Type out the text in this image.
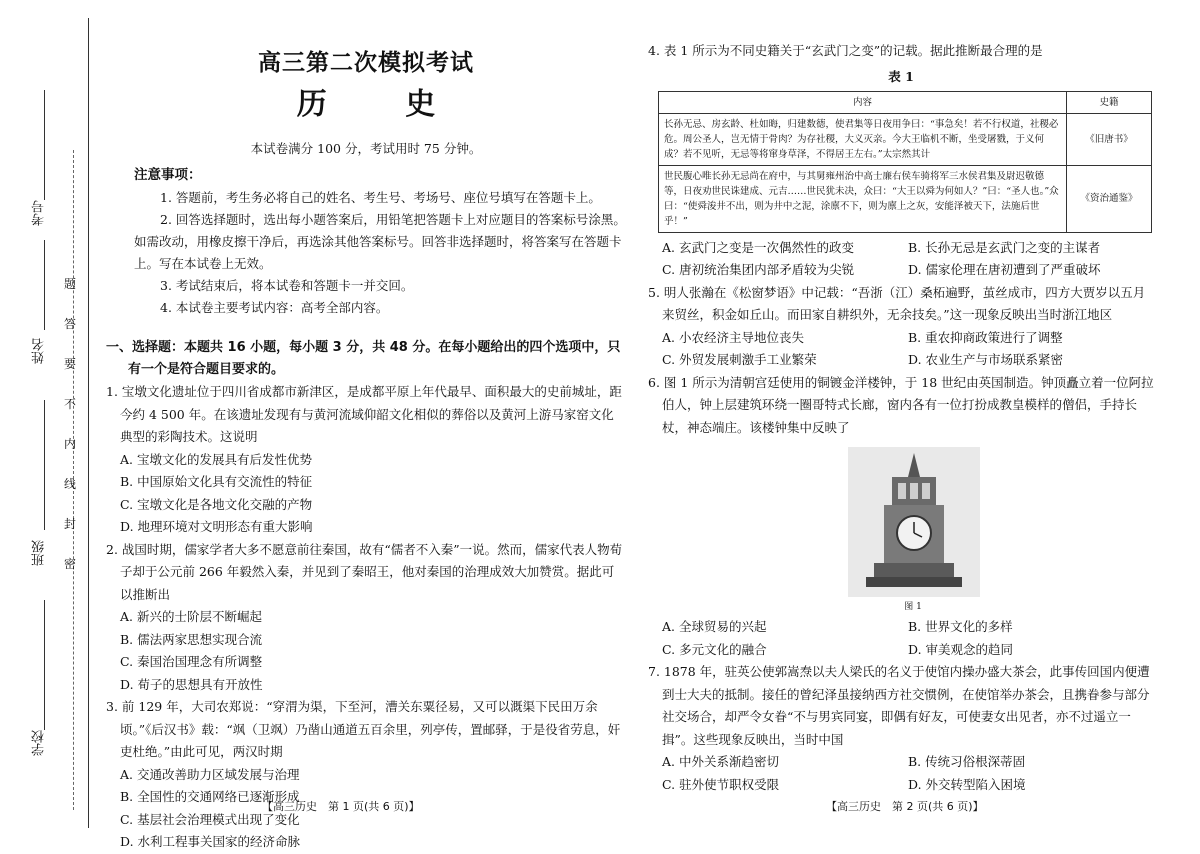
考号
姓名
班级
学校
题
答
要
不
内
线
封
密
高三第二次模拟考试
历 史
本试卷满分 100 分，考试用时 75 分钟。
注意事项：

1. 答题前，考生务必将自己的姓名、考生号、考场号、座位号填写在答题卡上。

2. 回答选择题时，选出每小题答案后，用铅笔把答题卡上对应题目的答案标号涂黑。如需改动，用橡皮擦干净后，再选涂其他答案标号。回答非选择题时，将答案写在答题卡上。写在本试卷上无效。

3. 考试结束后，将本试卷和答题卡一并交回。

4. 本试卷主要考试内容：高考全部内容。

一、选择题：本题共 16 小题，每小题 3 分，共 48 分。在每小题给出的四个选项中，只有一个是符合题目要求的。

1. 宝墩文化遗址位于四川省成都市新津区，是成都平原上年代最早、面积最大的史前城址，距今约 4 500 年。在该遗址发现有与黄河流域仰韶文化相似的葬俗以及黄河上游马家窑文化典型的彩陶技术。这说明

A. 宝墩文化的发展具有后发性优势
B. 中国原始文化具有交流性的特征
C. 宝墩文化是各地文化交融的产物
D. 地理环境对文明形态有重大影响

2. 战国时期，儒家学者大多不愿意前往秦国，故有“儒者不入秦”一说。然而，儒家代表人物荀子却于公元前 266 年毅然入秦，并见到了秦昭王，他对秦国的治理成效大加赞赏。据此可以推断出

A. 新兴的士阶层不断崛起
B. 儒法两家思想实现合流
C. 秦国治国理念有所调整
D. 荀子的思想具有开放性

3. 前 129 年，大司农郑说：“穿渭为渠，下至河，漕关东粟径易，又可以溉渠下民田万余顷。”《后汉书》载：“飒（卫飒）乃凿山通道五百余里，列亭传，置邮驿，于是役省劳息，奸吏杜绝。”由此可见，两汉时期

A. 交通改善助力区域发展与治理
B. 全国性的交通网络已逐渐形成
C. 基层社会治理模式出现了变化
D. 水利工程事关国家的经济命脉
【高三历史　第 1 页(共 6 页)】

4. 表 1 所示为不同史籍关于“玄武门之变”的记载。据此推断最合理的是

表 1
内容	史籍
长孙无忌、房玄龄、杜如晦，归建数德，使君集等日夜用争曰：“事急矣！若不行权道，社稷必危。周公圣人，岂无情于骨肉？为存社稷，大义灭亲。今大王临机不断，坐受屠戮，于义何成？若不见听，无忌等将窜身草泽，不得居王左右。”太宗然其计	《旧唐书》
世民腹心唯长孙无忌尚在府中，与其舅雍州治中高士廉右侯车骑将军三水侯君集及尉迟敬德等，日夜劝世民诛建成、元吉……世民犹未决，众曰：“大王以舜为何如人？”曰：“圣人也。”众曰：“使舜浚井不出，则为井中之泥，涂廪不下，则为廪上之灰，安能泽被天下，法施后世乎！”	《资治通鉴》
A. 玄武门之变是一次偶然性的政变	B. 长孙无忌是玄武门之变的主谋者
C. 唐初统治集团内部矛盾较为尖锐	D. 儒家伦理在唐初遭到了严重破坏

5. 明人张瀚在《松窗梦语》中记载：“吾浙（江）桑柘遍野，茧丝成市，四方大贾岁以五月来贸丝，积金如丘山。而田家自耕织外，无余技矣。”这一现象反映出当时浙江地区

A. 小农经济主导地位丧失	B. 重农抑商政策进行了调整
C. 外贸发展刺激手工业繁荣	D. 农业生产与市场联系紧密

6. 图 1 所示为清朝宫廷使用的铜镀金洋楼钟，于 18 世纪由英国制造。钟顶矗立着一位阿拉伯人，钟上层建筑环绕一圈哥特式长廊，窗内各有一位打扮成教皇模样的僧侣，手持长杖，神态端庄。该楼钟集中反映了

图 1
A. 全球贸易的兴起	B. 世界文化的多样
C. 多元文化的融合	D. 审美观念的趋同

7. 1878 年，驻英公使郭嵩焘以夫人梁氏的名义于使馆内操办盛大茶会，此事传回国内便遭到士大夫的抵制。接任的曾纪泽虽接纳西方社交惯例，在使馆举办茶会，且携眷参与部分社交场合，却严令女眷“不与男宾同宴，即偶有好友，可使妻女出见者，亦不过遥立一揖”。这些现象反映出，当时中国

A. 中外关系渐趋密切	B. 传统习俗根深蒂固
C. 驻外使节职权受限	D. 外交转型陷入困境
【高三历史　第 2 页(共 6 页)】
